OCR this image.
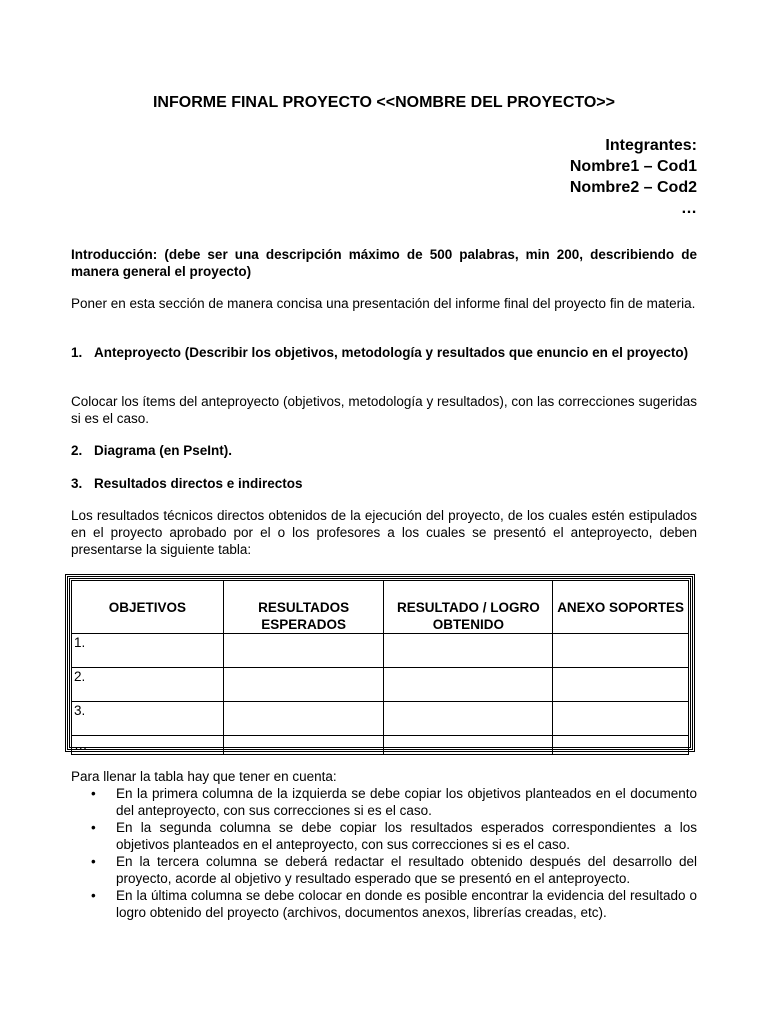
INFORME FINAL PROYECTO <<NOMBRE DEL PROYECTO>>
Integrantes:
Nombre1 – Cod1
Nombre2 – Cod2
…
Introducción: (debe ser una descripción máximo de 500 palabras, min 200, describiendo de manera general el proyecto)
Poner en esta sección de manera concisa una presentación del informe final del proyecto fin de materia.
1. Anteproyecto (Describir los objetivos, metodología y resultados que enuncio en el proyecto)
Colocar los ítems del anteproyecto (objetivos, metodología y resultados), con las correcciones sugeridas si es el caso.
2. Diagrama (en PseInt).
3. Resultados directos e indirectos
Los resultados técnicos directos obtenidos de la ejecución del proyecto, de los cuales estén estipulados en el proyecto aprobado por el o los profesores a los cuales se presentó el anteproyecto, deben presentarse la siguiente tabla:
OBJETIVOS	RESULTADOS ESPERADOS	RESULTADO / LOGRO OBTENIDO	ANEXO SOPORTES
1.			
2.			
3.			
…			
Para llenar la tabla hay que tener en cuenta:
•	En la primera columna de la izquierda se debe copiar los objetivos planteados en el documento del anteproyecto, con sus correcciones si es el caso.
•	En la segunda columna se debe copiar los resultados esperados correspondientes a los objetivos planteados en el anteproyecto, con sus correcciones si es el caso.
•	En la tercera columna se deberá redactar el resultado obtenido después del desarrollo del proyecto, acorde al objetivo y resultado esperado que se presentó en el anteproyecto.
•	En la última columna se debe colocar en donde es posible encontrar la evidencia del resultado o logro obtenido del proyecto (archivos, documentos anexos, librerías creadas, etc).
